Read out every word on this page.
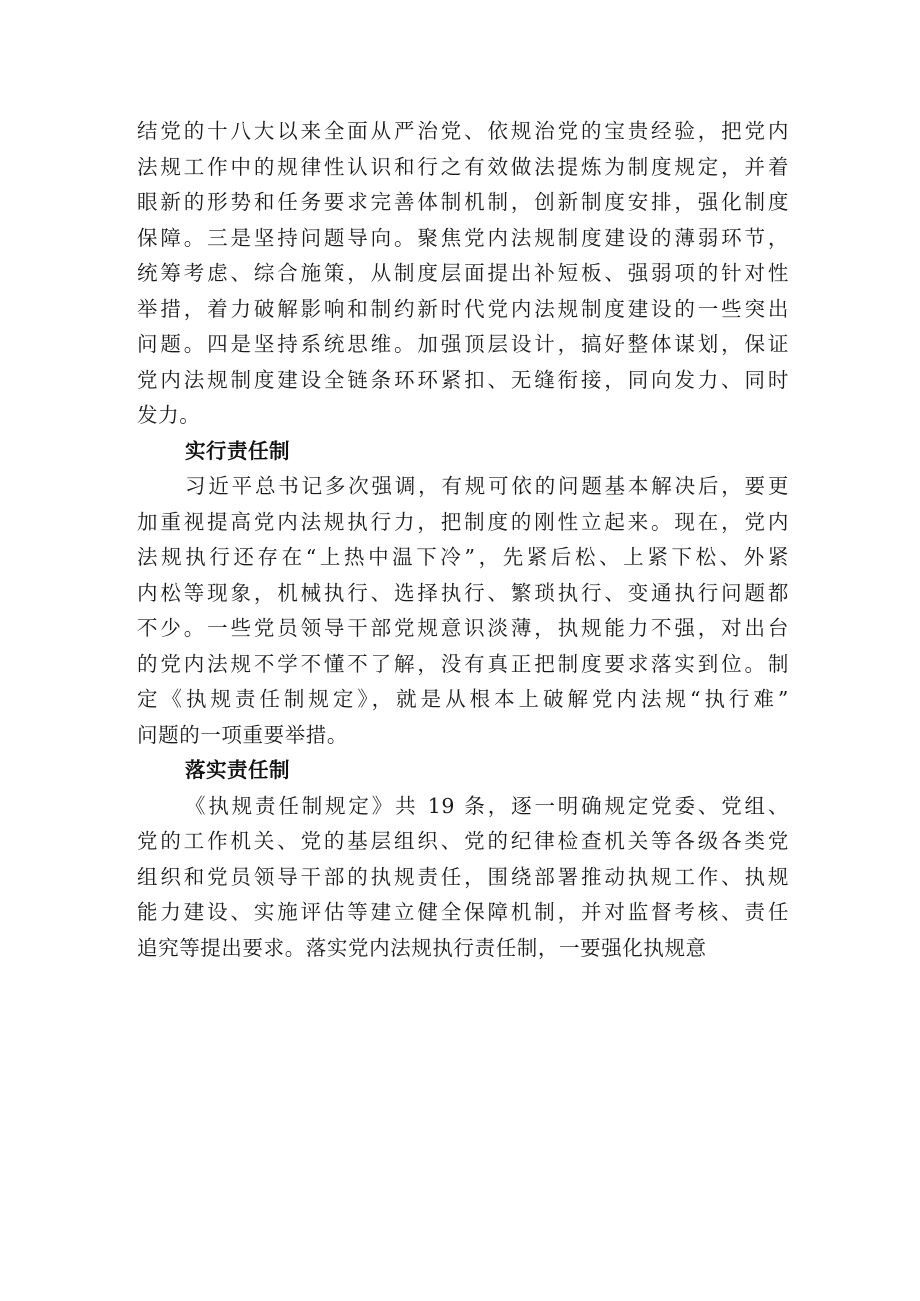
结党的十八大以来全面从严治党、依规治党的宝贵经验，把党内
法规工作中的规律性认识和行之有效做法提炼为制度规定，并着
眼新的形势和任务要求完善体制机制，创新制度安排，强化制度
保障。三是坚持问题导向。聚焦党内法规制度建设的薄弱环节，
统筹考虑、综合施策，从制度层面提出补短板、强弱项的针对性
举措，着力破解影响和制约新时代党内法规制度建设的一些突出
问题。四是坚持系统思维。加强顶层设计，搞好整体谋划，保证
党内法规制度建设全链条环环紧扣、无缝衔接，同向发力、同时
发力。
实行责任制
习近平总书记多次强调，有规可依的问题基本解决后，要更
加重视提高党内法规执行力，把制度的刚性立起来。现在，党内
法规执行还存在“上热中温下冷”，先紧后松、上紧下松、外紧
内松等现象，机械执行、选择执行、繁琐执行、变通执行问题都
不少。一些党员领导干部党规意识淡薄，执规能力不强，对出台
的党内法规不学不懂不了解，没有真正把制度要求落实到位。制
定《执规责任制规定》，就是从根本上破解党内法规“执行难”
问题的一项重要举措。
落实责任制
《执规责任制规定》共 19 条，逐一明确规定党委、党组、
党的工作机关、党的基层组织、党的纪律检查机关等各级各类党
组织和党员领导干部的执规责任，围绕部署推动执规工作、执规
能力建设、实施评估等建立健全保障机制，并对监督考核、责任
追究等提出要求。落实党内法规执行责任制，一要强化执规意
